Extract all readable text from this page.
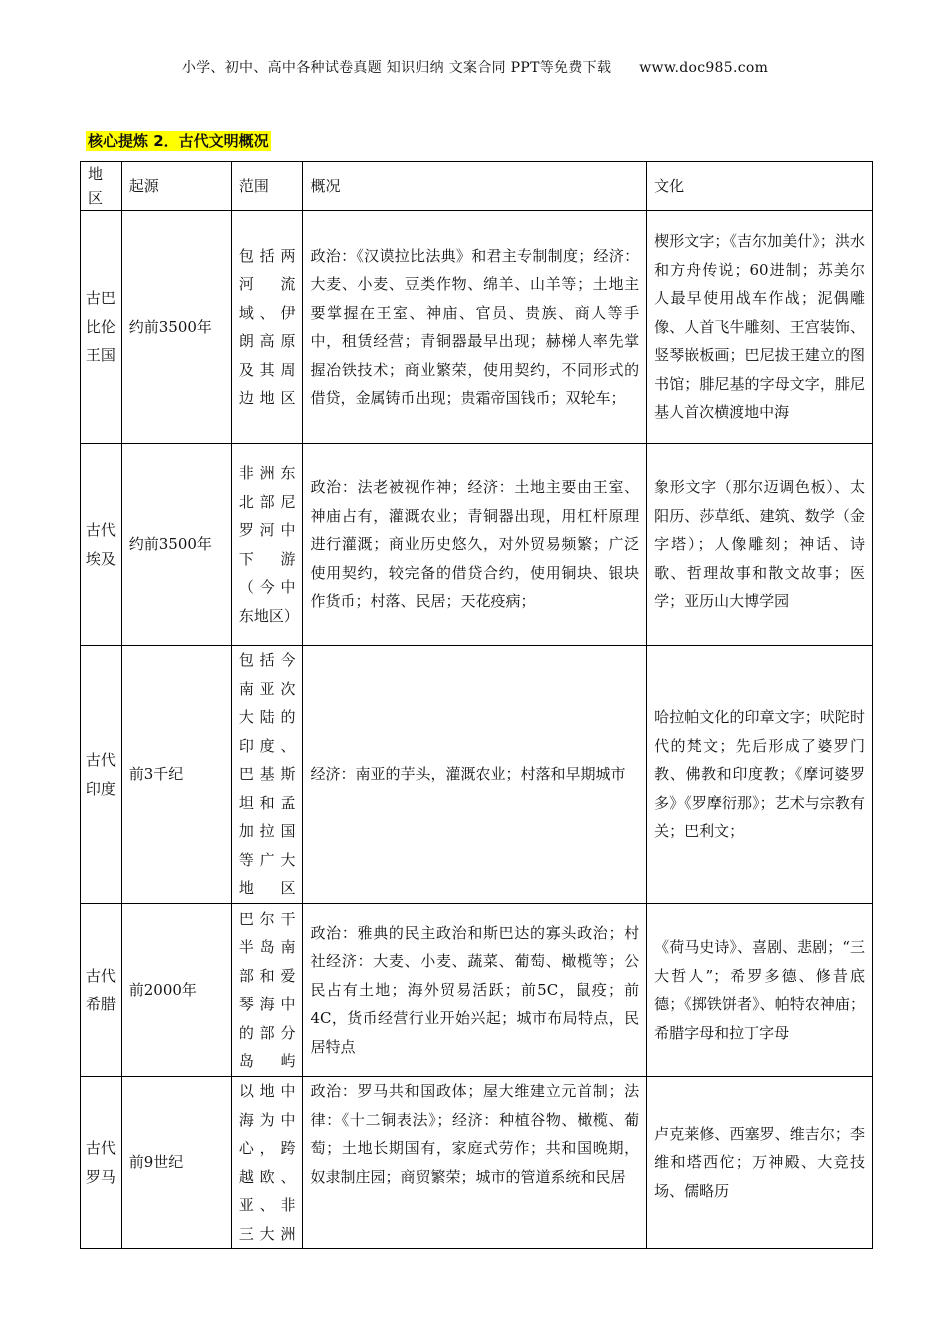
小学、初中、高中各种试卷真题 知识归纳 文案合同 PPT等免费下载 www.doc985.com
核心提炼 2．古代文明概况
地区	起源	范围	概况	文化
古巴比伦王国	约前3500年	包括两河流域、伊朗高原及其周边地区	政治：《汉谟拉比法典》和君主专制制度；经济：大麦、小麦、豆类作物、绵羊、山羊等；土地主要掌握在王室、神庙、官员、贵族、商人等手中，租赁经营；青铜器最早出现；赫梯人率先掌握冶铁技术；商业繁荣，使用契约，不同形式的借贷，金属铸币出现；贵霜帝国钱币；双轮车；	楔形文字；《吉尔加美什》；洪水和方舟传说；60进制；苏美尔人最早使用战车作战；泥偶雕像、人首飞牛雕刻、王宫装饰、竖琴嵌板画；巴尼拔王建立的图书馆；腓尼基的字母文字，腓尼基人首次横渡地中海
古代埃及	约前3500年	非洲东北部尼罗河中下游（今中东地区）	政治：法老被视作神；经济：土地主要由王室、神庙占有，灌溉农业；青铜器出现，用杠杆原理进行灌溉；商业历史悠久，对外贸易频繁；广泛使用契约，较完备的借贷合约，使用铜块、银块作货币；村落、民居；天花疫病；	象形文字（那尔迈调色板）、太阳历、莎草纸、建筑、数学（金字塔）；人像雕刻；神话、诗歌、哲理故事和散文故事；医学；亚历山大博学园
古代印度	前3千纪	包括今南亚次大陆的印度、巴基斯坦和孟加拉国等广大地区	经济：南亚的芋头，灌溉农业；村落和早期城市	哈拉帕文化的印章文字；吠陀时代的梵文；先后形成了婆罗门教、佛教和印度教；《摩诃婆罗多》《罗摩衍那》；艺术与宗教有关；巴利文；
古代希腊	前2000年	巴尔干半岛南部和爱琴海中的部分岛屿	政治：雅典的民主政治和斯巴达的寡头政治；村社经济：大麦、小麦、蔬菜、葡萄、橄榄等；公民占有土地；海外贸易活跃；前5C，鼠疫；前4C，货币经营行业开始兴起；城市布局特点，民居特点	《荷马史诗》、喜剧、悲剧；“三大哲人”；希罗多德、修昔底德；《掷铁饼者》、帕特农神庙；希腊字母和拉丁字母
古代罗马	前9世纪	以地中海为中心，跨越欧、亚、非三大洲	政治：罗马共和国政体；屋大维建立元首制；法律：《十二铜表法》；经济：种植谷物、橄榄、葡萄；土地长期国有，家庭式劳作；共和国晚期，奴隶制庄园；商贸繁荣；城市的管道系统和民居	卢克莱修、西塞罗、维吉尔；李维和塔西佗；万神殿、大竞技场、儒略历
